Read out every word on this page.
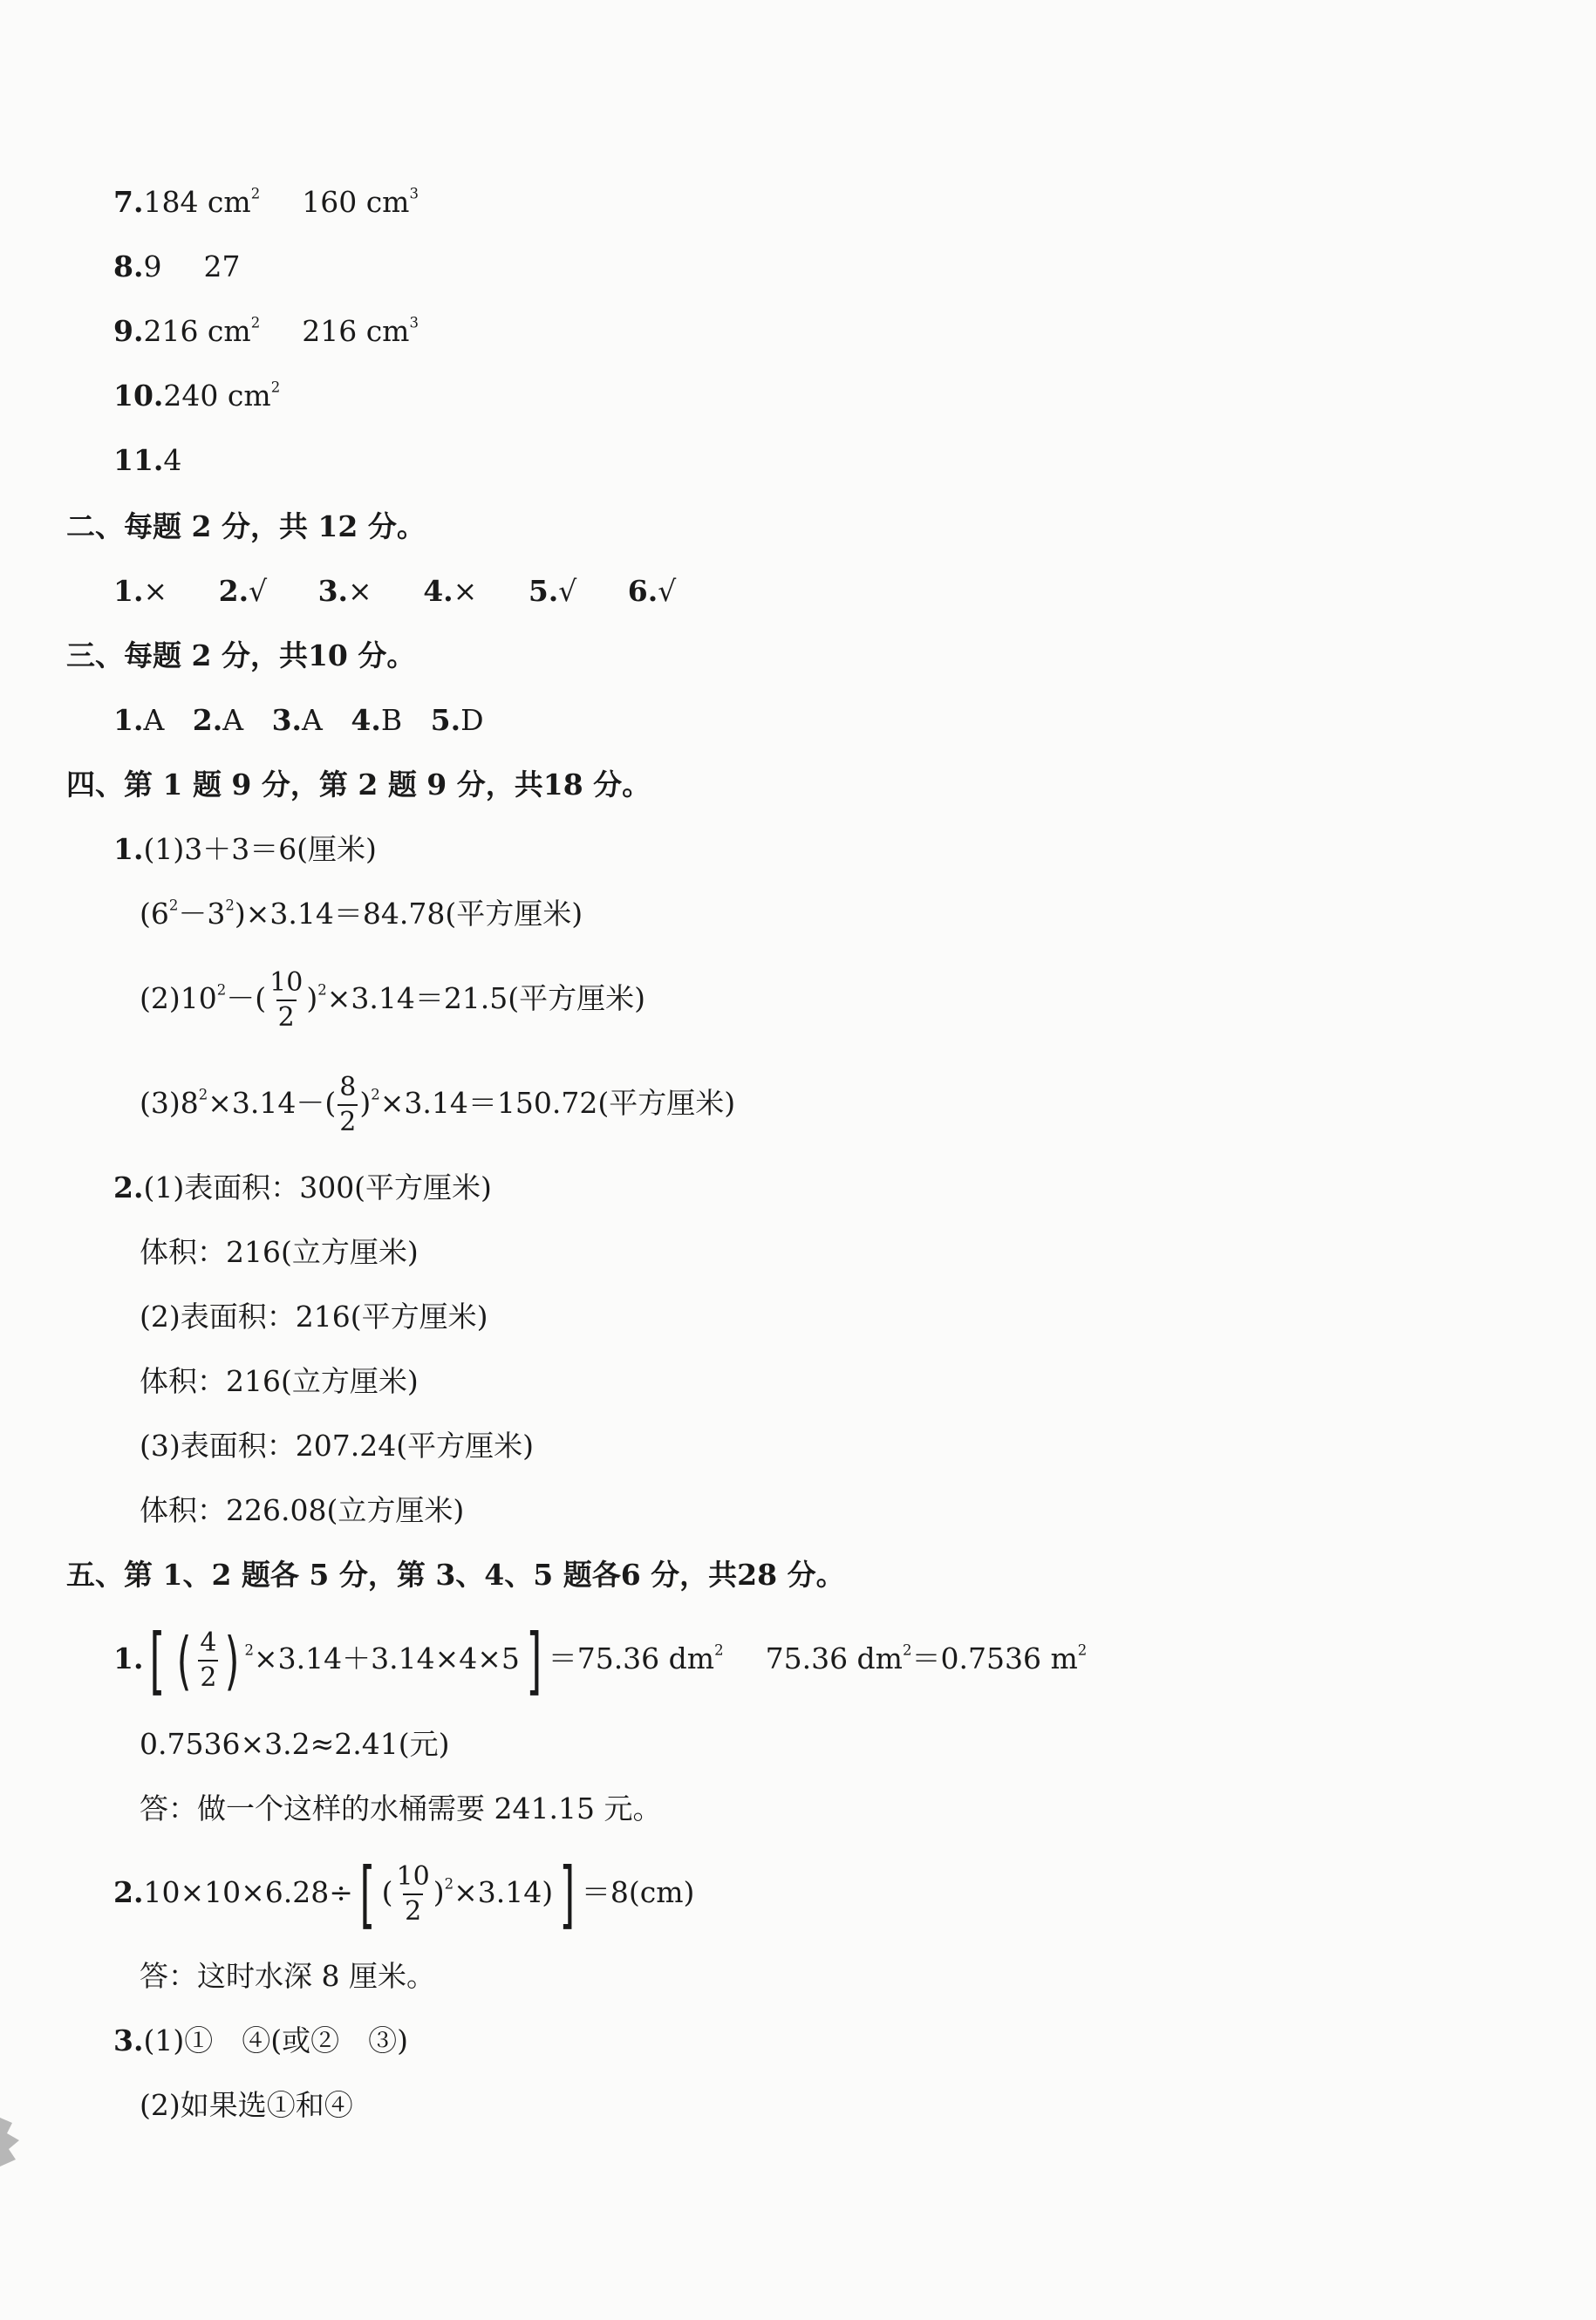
7.184 $cm^2$ 160 $cm^3$
8.9 27
9.216 $cm^2$ 216 $cm^3$
10.240 $cm^2$
11.4
二、每题 2 分，共 12 分。
1.× 2.√ 3.× 4.× 5.√ 6.√
三、每题 2 分，共10 分。
1.A 2.A 3.A 4.B 5.D
四、第 1 题 9 分，第 2 题 9 分，共18 分。
1.(1)3＋3＝6(厘米)
$(6^2-3^2)\times 3.14=84.78$(平方厘米)
$(2)10^2-( \frac{10}{2} )^2\times 3.14=21.5$(平方厘米)
$(3)8^2\times 3.14-( \frac{8}{2} )^2\times 3.14=150.72$(平方厘米)
2.(1)表面积：300(平方厘米)
体积：216(立方厘米)
(2)表面积：216(平方厘米)
体积：216(立方厘米)
(3)表面积：207.24(平方厘米)
体积：226.08(立方厘米)
五、第 1、2 题各 5 分，第 3、4、5 题各6 分，共28 分。
1.[ ( $\frac{4}{2}$ ) $^2$×3.14＋3.14×4×5] ＝75.36 $dm^2$ 75.36 $dm^2=0.7536$ $m^2$
0.7536×3.2≈2.41(元)
答：做一个这样的水桶需要 241.15 元。
2.10×10×6.28÷[ ( $\frac{10}{2} )^2\times 3.14)] =8(cm)$
答：这时水深 8 厘米。
3.(1)①　④(或②　③)
(2)如果选①和④
